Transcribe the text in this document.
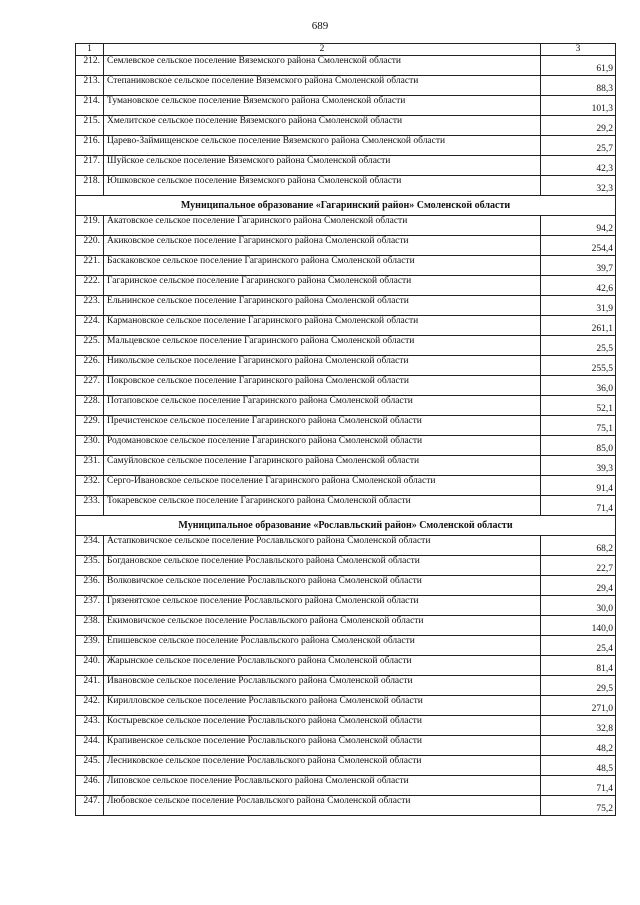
689
1	2	3
212.	Семлевское сельское поселение Вяземского района Смоленской области	61,9
213.	Степаниковское сельское поселение Вяземского района Смоленской области	88,3
214.	Тумановское сельское поселение Вяземского района Смоленской области	101,3
215.	Хмелитское сельское поселение Вяземского района Смоленской области	29,2
216.	Царево-Займищенское сельское поселение Вяземского района Смоленской области	25,7
217.	Шуйское сельское поселение Вяземского района Смоленской области	42,3
218.	Юшковское сельское поселение Вяземского района Смоленской области	32,3
Муниципальное образование «Гагаринский район» Смоленской области		
219.	Акатовское сельское поселение Гагаринского района Смоленской области	94,2
220.	Акиковское сельское поселение Гагаринского района Смоленской области	254,4
221.	Баскаковское сельское поселение Гагаринского района Смоленской области	39,7
222.	Гагаринское сельское поселение Гагаринского района Смоленской области	42,6
223.	Ельнинское сельское поселение Гагаринского района Смоленской области	31,9
224.	Кармановское сельское поселение Гагаринского района Смоленской области	261,1
225.	Мальцевское сельское поселение Гагаринского района Смоленской области	25,5
226.	Никольское сельское поселение Гагаринского района Смоленской области	255,5
227.	Покровское сельское поселение Гагаринского района Смоленской области	36,0
228.	Потаповское сельское поселение Гагаринского района Смоленской области	52,1
229.	Пречистенское сельское поселение Гагаринского района Смоленской области	75,1
230.	Родомановское сельское поселение Гагаринского района Смоленской области	85,0
231.	Самуйловское сельское поселение Гагаринского района Смоленской области	39,3
232.	Серго-Ивановское сельское поселение Гагаринского района Смоленской области	91,4
233.	Токаревское сельское поселение Гагаринского района Смоленской области	71,4
Муниципальное образование «Рославльский район» Смоленской области		
234.	Астапковичское сельское поселение Рославльского района Смоленской области	68,2
235.	Богдановское сельское поселение Рославльского района Смоленской области	22,7
236.	Волковичское сельское поселение Рославльского района Смоленской области	29,4
237.	Грязенятское сельское поселение Рославльского района Смоленской области	30,0
238.	Екимовичское сельское поселение Рославльского района Смоленской области	140,0
239.	Епишевское сельское поселение Рославльского района Смоленской области	25,4
240.	Жарынское сельское поселение Рославльского района Смоленской области	81,4
241.	Ивановское сельское поселение Рославльского района Смоленской области	29,5
242.	Кирилловское сельское поселение Рославльского района Смоленской области	271,0
243.	Костыревское сельское поселение Рославльского района Смоленской области	32,8
244.	Крапивенское сельское поселение Рославльского района Смоленской области	48,2
245.	Лесниковское сельское поселение Рославльского района Смоленской области	48,5
246.	Липовское сельское поселение Рославльского района Смоленской области	71,4
247.	Любовское сельское поселение Рославльского района Смоленской области	75,2
